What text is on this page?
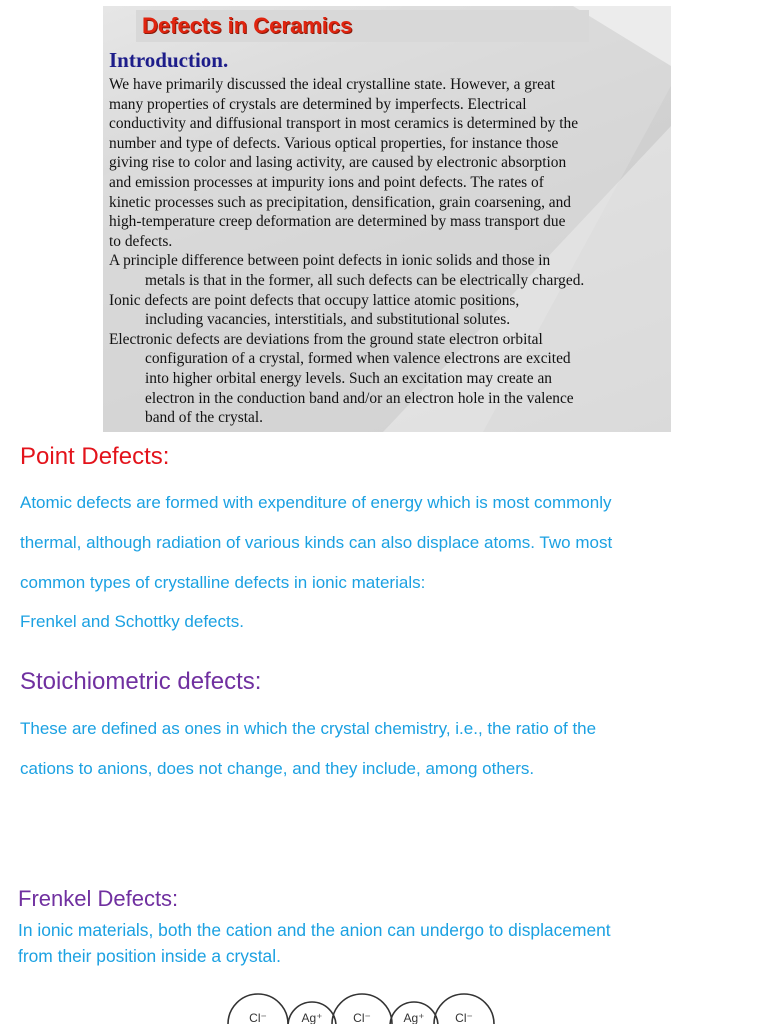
Defects in Ceramics
Introduction.
We have primarily discussed the ideal crystalline state. However, a great
many properties of crystals are determined by imperfects. Electrical
conductivity and diffusional transport in most ceramics is determined by the
number and type of defects. Various optical properties, for instance those
giving rise to color and lasing activity, are caused by electronic absorption
and emission processes at impurity ions and point defects. The rates of
kinetic processes such as precipitation, densification, grain coarsening, and
high-temperature creep deformation are determined by mass transport due
to defects.
A principle difference between point defects in ionic solids and those in
metals is that in the former, all such defects can be electrically charged.
Ionic defects are point defects that occupy lattice atomic positions,
including vacancies, interstitials, and substitutional solutes.
Electronic defects are deviations from the ground state electron orbital
configuration of a crystal, formed when valence electrons are excited
into higher orbital energy levels. Such an excitation may create an
electron in the conduction band and/or an electron hole in the valence
band of the crystal.
Point Defects:
Atomic defects are formed with expenditure of energy which is most commonly
thermal, although radiation of various kinds can also displace atoms. Two most
common types of crystalline defects in ionic materials:
Frenkel and Schottky defects.
Stoichiometric defects:
These are defined as ones in which the crystal chemistry, i.e., the ratio of the
cations to anions, does not change, and they include, among others.
Frenkel Defects:
In ionic materials, both the cation and the anion can undergo to displacement
from their position inside a crystal.
Cl⁻	Ag⁺	Cl⁻	Ag⁺	Cl⁻
